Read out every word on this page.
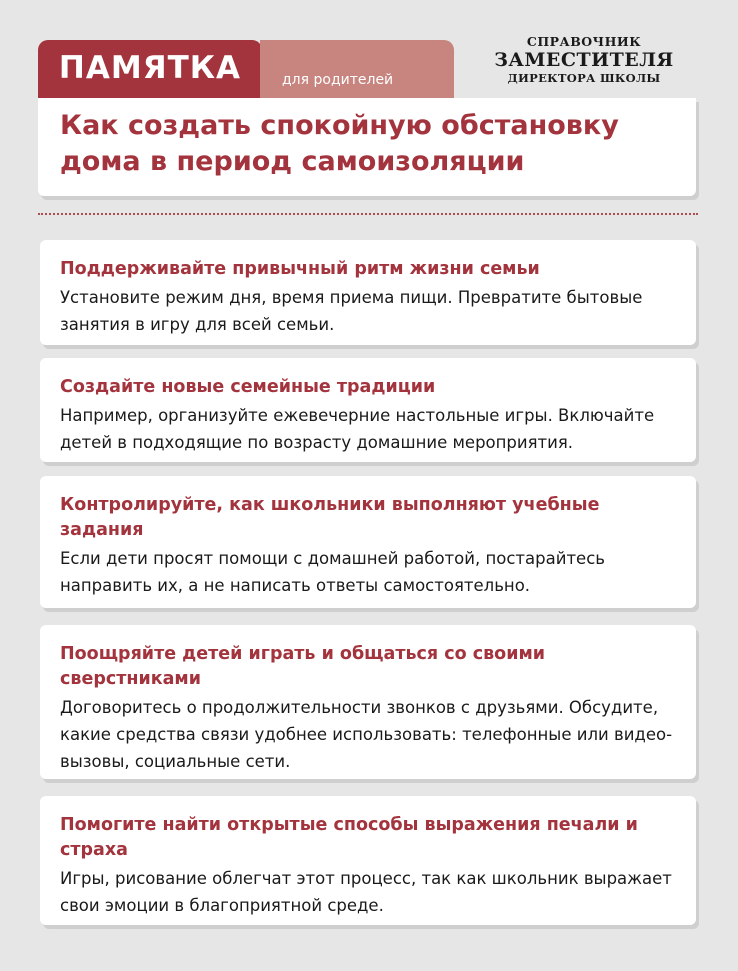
ПАМЯТКА	для родителей
СПРАВОЧНИК
ЗАМЕСТИТЕЛЯ
ДИРЕКТОРА ШКОЛЫ
Как создать спокойную обстановку
дома в период самоизоляции
Поддерживайте привычный ритм жизни семьи

Установите режим дня, время приема пищи. Превратите бытовые занятия в игру для всей семьи.

Создайте новые семейные традиции

Например, организуйте ежевечерние настольные игры. Включайте детей в подходящие по возрасту домашние мероприятия.

Контролируйте, как школьники выполняют учебные задания

Если дети просят помощи с домашней работой, постарайтесь направить их, а не написать ответы самостоятельно.

Поощряйте детей играть и общаться со своими сверстниками

Договоритесь о продолжительности звонков с друзьями. Обсудите, какие средства связи удобнее использовать: телефонные или видео-вызовы, социальные сети.

Помогите найти открытые способы выражения печали и страха

Игры, рисование облегчат этот процесс, так как школьник выражает свои эмоции в благоприятной среде.
